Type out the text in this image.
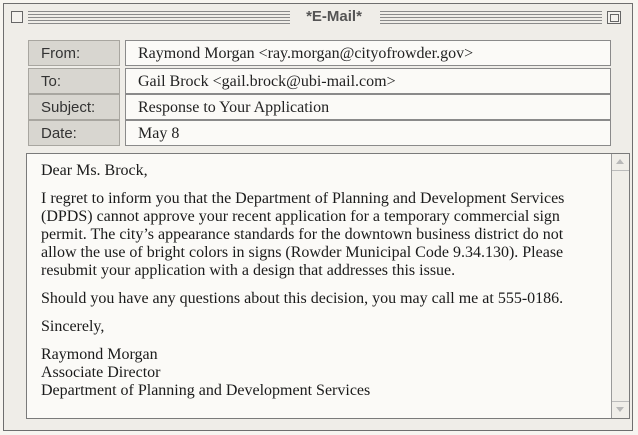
*E-Mail*
From:	Raymond Morgan <ray.morgan@cityofrowder.gov>
To:	Gail Brock <gail.brock@ubi-mail.com>
Subject:	Response to Your Application
Date:	May 8

Dear Ms. Brock,

I regret to inform you that the Department of Planning and Development Services (DPDS) cannot approve your recent application for a temporary commercial sign permit. The city’s appearance standards for the downtown business district do not allow the use of bright colors in signs (Rowder Municipal Code 9.34.130). Please resubmit your application with a design that addresses this issue.

Should you have any questions about this decision, you may call me at 555-0186.

Sincerely,

Raymond Morgan
Associate Director
Department of Planning and Development Services
